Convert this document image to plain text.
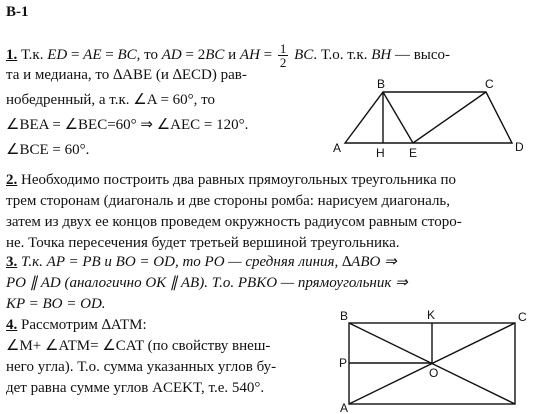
В-1
1. Т.к. ED = AE = BC, то AD = 2BC и AH = $\frac{1}{2}$ BC. Т.о. т.к. BH — высо-
та и медиана, то ∆ABE (и ∆ECD) рав-
нобедренный, а т.к. ∠A = 60°, то
∠BEA = ∠BEC=60° ⇒ ∠AEC = 120°.
∠BCE = 60°.
B	C
A	H E	D
2. Необходимо построить два равных прямоугольных треугольника по
трем сторонам (диагональ и две стороны ромба: нарисуем диагональ,
затем из двух ее концов проведем окружность радиусом равным сторо-
не. Точка пересечения будет третьей вершиной треугольника.
3. Т.к. AP = PB и BO = OD, то PO — средняя линия, ∆ABO ⇒
PO ∥ AD (аналогично OK ∥ AB). Т.о. PBKO — прямоугольник ⇒
KP = BO = OD.
4. Рассмотрим ∆ATM:
∠M+ ∠ATM= ∠CAT (по свойству внеш-
него угла). Т.о. сумма указанных углов бу-
дет равна сумме углов ACEKT, т.е. 540°.
B	K	C
P
O
A
